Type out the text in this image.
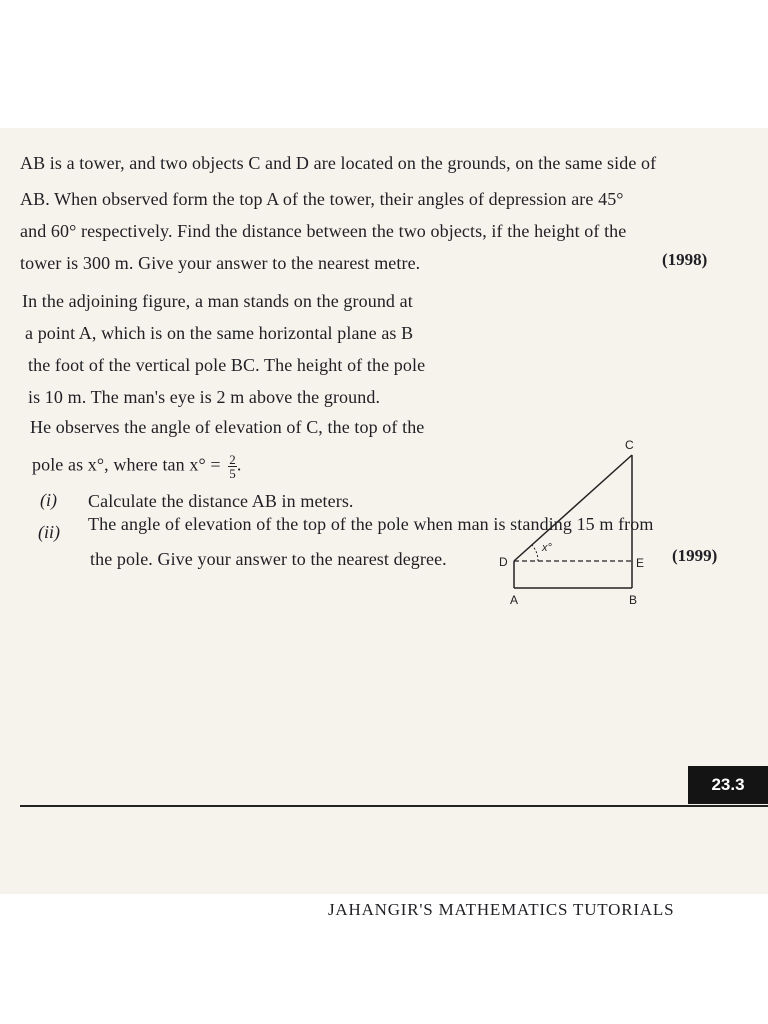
AB is a tower, and two objects C and D are located on the grounds, on the same side of
AB. When observed form the top A of the tower, their angles of depression are 45°
and 60° respectively. Find the distance between the two objects, if the height of the
tower is 300 m. Give your answer to the nearest metre.	(1998)
In the adjoining figure, a man stands on the ground at
a point A, which is on the same horizontal plane as B
the foot of the vertical pole BC. The height of the pole
is 10 m. The man's eye is 2 m above the ground.
He observes the angle of elevation of C, the top of the
pole as x°, where $\tan x^\circ = \frac{2}{5}$ .
(i) Calculate the distance AB in meters.
(ii) The angle of elevation of the top of the pole when man is standing 15 m from
the pole. Give your answer to the nearest degree.	(1999)
x°
C
D	E
A	B
JAHANGIR'S MATHEMATICS TUTORIALS
23.3
